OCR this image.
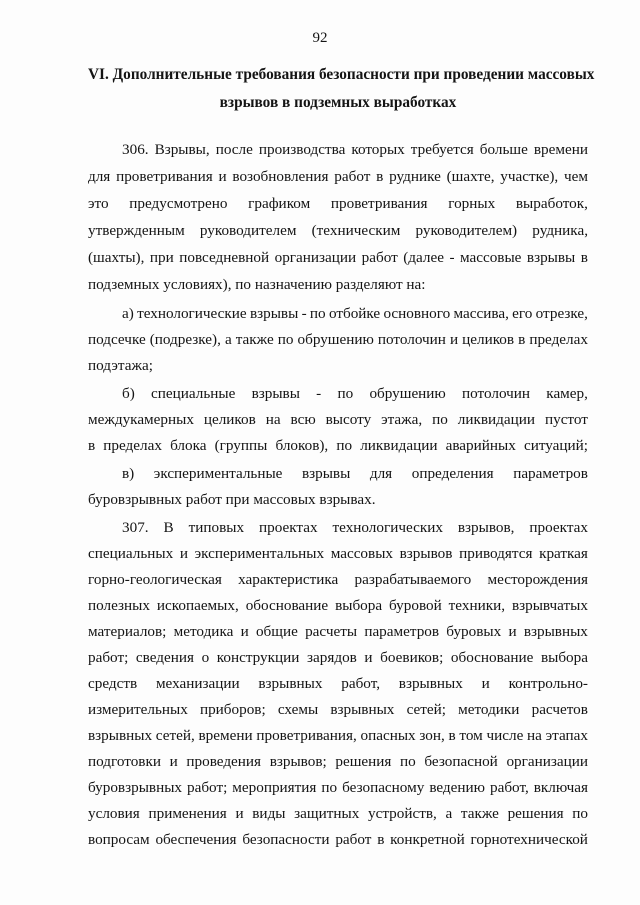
92
VI. Дополнительные требования безопасности при проведении массовых
взрывов в подземных выработках
306. Взрывы, после производства которых требуется больше времени
для проветривания и возобновления работ в руднике (шахте, участке), чем
это предусмотрено графиком проветривания горных выработок,
утвержденным руководителем (техническим руководителем) рудника,
(шахты), при повседневной организации работ (далее - массовые взрывы в
подземных условиях), по назначению разделяют на:
а) технологические взрывы - по отбойке основного массива, его отрезке,
подсечке (подрезке), а также по обрушению потолочин и целиков в пределах
подэтажа;
б) специальные взрывы - по обрушению потолочин камер,
междукамерных целиков на всю высоту этажа, по ликвидации пустот
в пределах блока (группы блоков), по ликвидации аварийных ситуаций;
в) экспериментальные взрывы для определения параметров
буровзрывных работ при массовых взрывах.
307. В типовых проектах технологических взрывов, проектах
специальных и экспериментальных массовых взрывов приводятся краткая
горно-геологическая характеристика разрабатываемого месторождения
полезных ископаемых, обоснование выбора буровой техники, взрывчатых
материалов; методика и общие расчеты параметров буровых и взрывных
работ; сведения о конструкции зарядов и боевиков; обоснование выбора
средств механизации взрывных работ, взрывных и контрольно-
измерительных приборов; схемы взрывных сетей; методики расчетов
взрывных сетей, времени проветривания, опасных зон, в том числе на этапах
подготовки и проведения взрывов; решения по безопасной организации
буровзрывных работ; мероприятия по безопасному ведению работ, включая
условия применения и виды защитных устройств, а также решения по
вопросам обеспечения безопасности работ в конкретной горнотехнической
